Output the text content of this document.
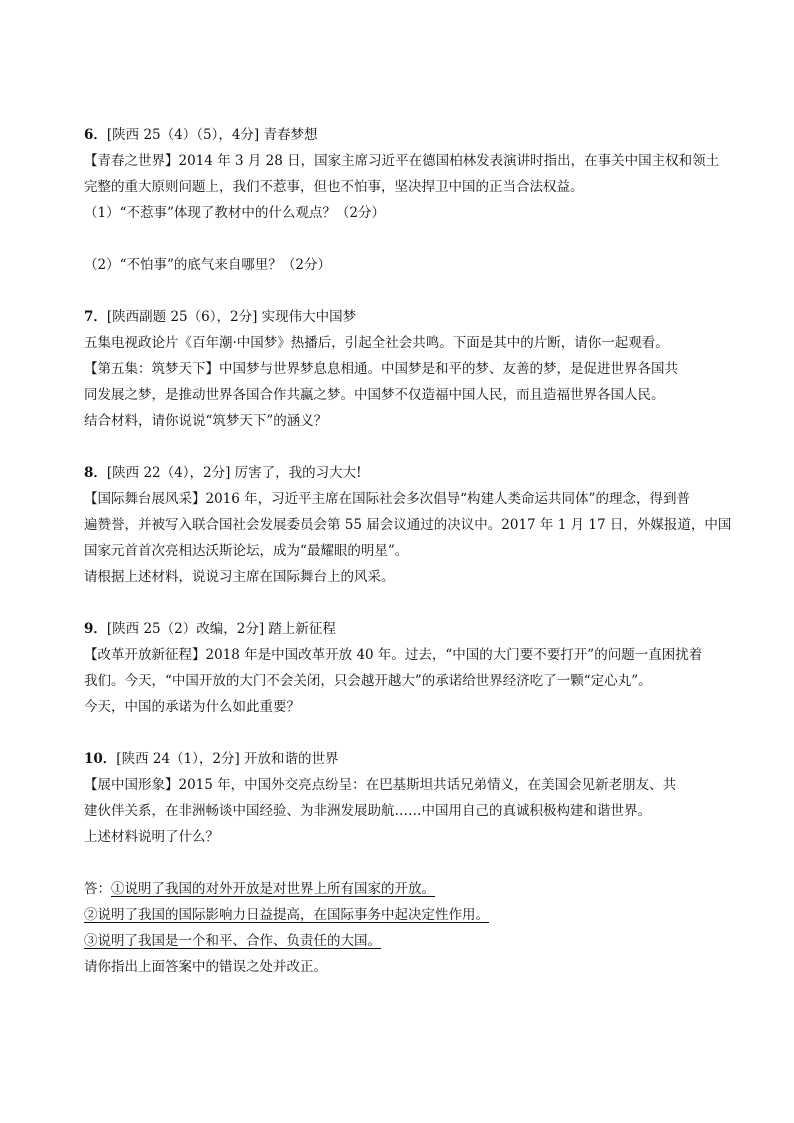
6．[陕西 25（4）（5），4分] 青春梦想
【青春之世界】2014 年 3 月 28 日，国家主席习近平在德国柏林发表演讲时指出，在事关中国主权和领土
完整的重大原则问题上，我们不惹事，但也不怕事，坚决捍卫中国的正当合法权益。
（1）“不惹事”体现了教材中的什么观点？（2分）
（2）“不怕事”的底气来自哪里？（2分）
7．[陕西副题 25（6），2分] 实现伟大中国梦
五集电视政论片《百年潮·中国梦》热播后，引起全社会共鸣。下面是其中的片断，请你一起观看。
【第五集：筑梦天下】中国梦与世界梦息息相通。中国梦是和平的梦、友善的梦，是促进世界各国共
同发展之梦，是推动世界各国合作共赢之梦。中国梦不仅造福中国人民，而且造福世界各国人民。
结合材料，请你说说“筑梦天下”的涵义？
8．[陕西 22（4），2分] 厉害了，我的习大大!
【国际舞台展风采】2016 年，习近平主席在国际社会多次倡导“构建人类命运共同体”的理念，得到普
遍赞誉，并被写入联合国社会发展委员会第 55 届会议通过的决议中。2017 年 1 月 17 日，外媒报道，中国
国家元首首次亮相达沃斯论坛，成为“最耀眼的明星”。
请根据上述材料，说说习主席在国际舞台上的风采。
9．[陕西 25（2）改编，2分] 踏上新征程
【改革开放新征程】2018 年是中国改革开放 40 年。过去，“中国的大门要不要打开”的问题一直困扰着
我们。今天，“中国开放的大门不会关闭，只会越开越大”的承诺给世界经济吃了一颗“定心丸”。
今天，中国的承诺为什么如此重要？
10．[陕西 24（1），2分] 开放和谐的世界
【展中国形象】2015 年，中国外交亮点纷呈：在巴基斯坦共话兄弟情义，在美国会见新老朋友、共
建伙伴关系，在非洲畅谈中国经验、为非洲发展助航……中国用自己的真诚积极构建和谐世界。
上述材料说明了什么？
答：①说明了我国的对外开放是对世界上所有国家的开放。
②说明了我国的国际影响力日益提高，在国际事务中起决定性作用。
③说明了我国是一个和平、合作、负责任的大国。
请你指出上面答案中的错误之处并改正。
